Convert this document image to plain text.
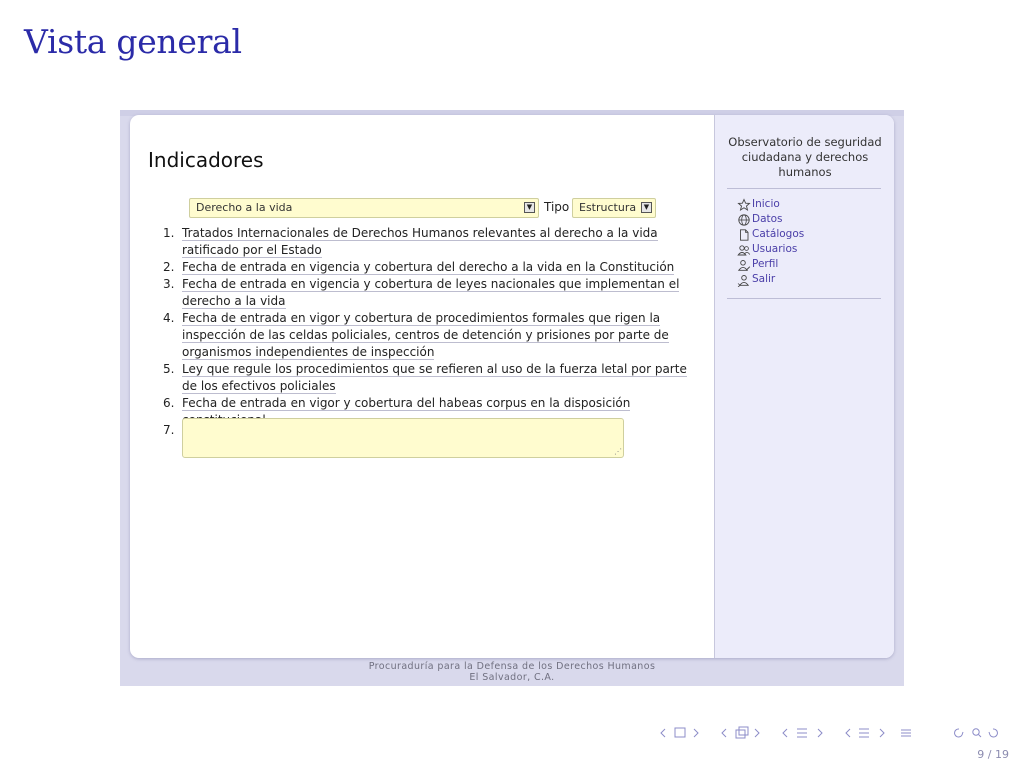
Vista general
Indicadores
Derecho a la vida	▼ Tipo Estructura	▼
1. Tratados Internacionales de Derechos Humanos relevantes al derecho a la vida ratificado por el Estado
2. Fecha de entrada en vigencia y cobertura del derecho a la vida en la Constitución
3. Fecha de entrada en vigencia y cobertura de leyes nacionales que implementan el derecho a la vida
4. Fecha de entrada en vigor y cobertura de procedimientos formales que rigen la inspección de las celdas policiales, centros de detención y prisiones por parte de organismos independientes de inspección
5. Ley que regule los procedimientos que se refieren al uso de la fuerza letal por parte de los efectivos policiales
6. Fecha de entrada en vigor y cobertura del habeas corpus en la disposición
7.
⋰
Observatorio de seguridad ciudadana y derechos humanos
Inicio
Datos
Catálogos
Usuarios
Perfil
Salir
Procuraduría para la Defensa de los Derechos Humanos
El Salvador, C.A.
9 / 19
